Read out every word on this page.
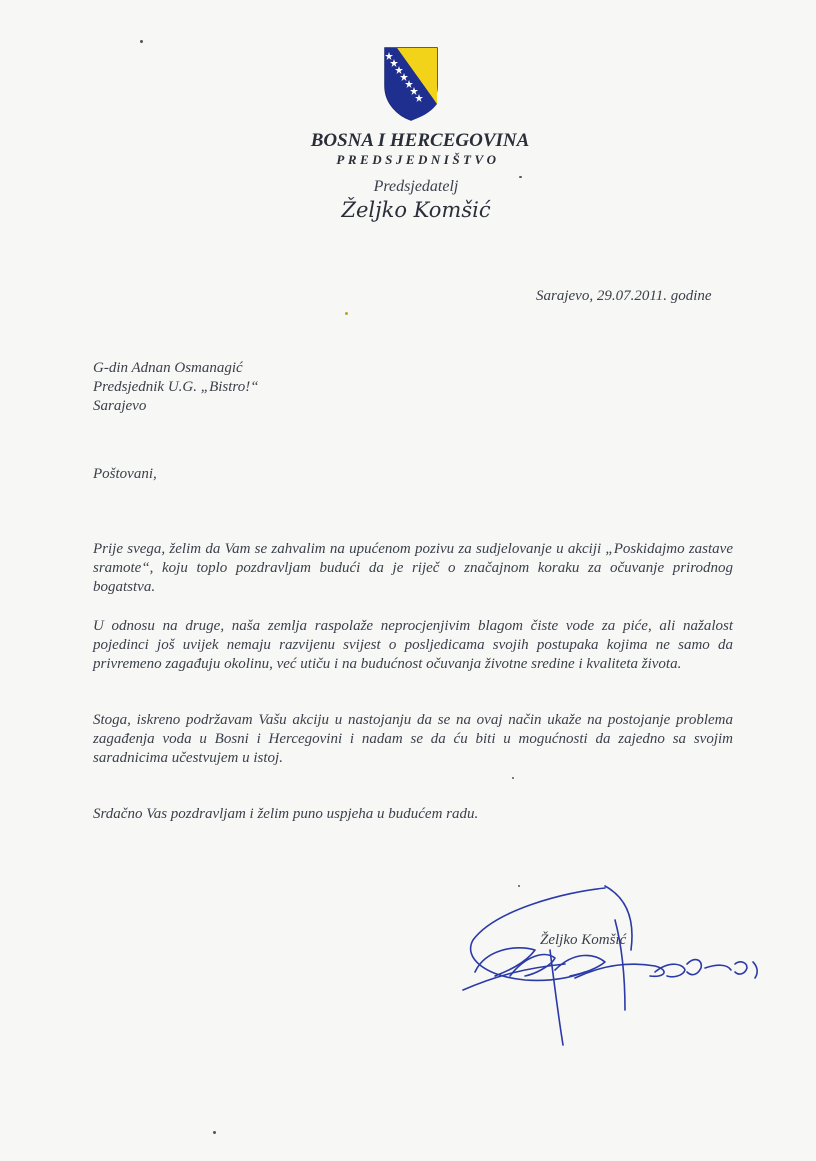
BOSNA I HERCEGOVINA
PREDSJEDNIŠTVO
Predsjedatelj
Željko Komšić
Sarajevo, 29.07.2011. godine
G-din Adnan Osmanagić
Predsjednik U.G. „Bistro!“
Sarajevo
Poštovani,
Prije svega, želim da Vam se zahvalim na upućenom pozivu za sudjelovanje u akciji „Poskidajmo zastave sramote“, koju toplo pozdravljam budući da je riječ o značajnom koraku za očuvanje prirodnog bogatstva.
U odnosu na druge, naša zemlja raspolaže neprocjenjivim blagom čiste vode za piće, ali nažalost pojedinci još uvijek nemaju razvijenu svijest o posljedicama svojih postupaka kojima ne samo da privremeno zagađuju okolinu, već utiču i na budućnost očuvanja životne sredine i kvaliteta života.
Stoga, iskreno podržavam Vašu akciju u nastojanju da se na ovaj način ukaže na postojanje problema zagađenja voda u Bosni i Hercegovini i nadam se da ću biti u mogućnosti da zajedno sa svojim saradnicima učestvujem u istoj.
Srdačno Vas pozdravljam i želim puno uspjeha u budućem radu.
Željko Komšić
